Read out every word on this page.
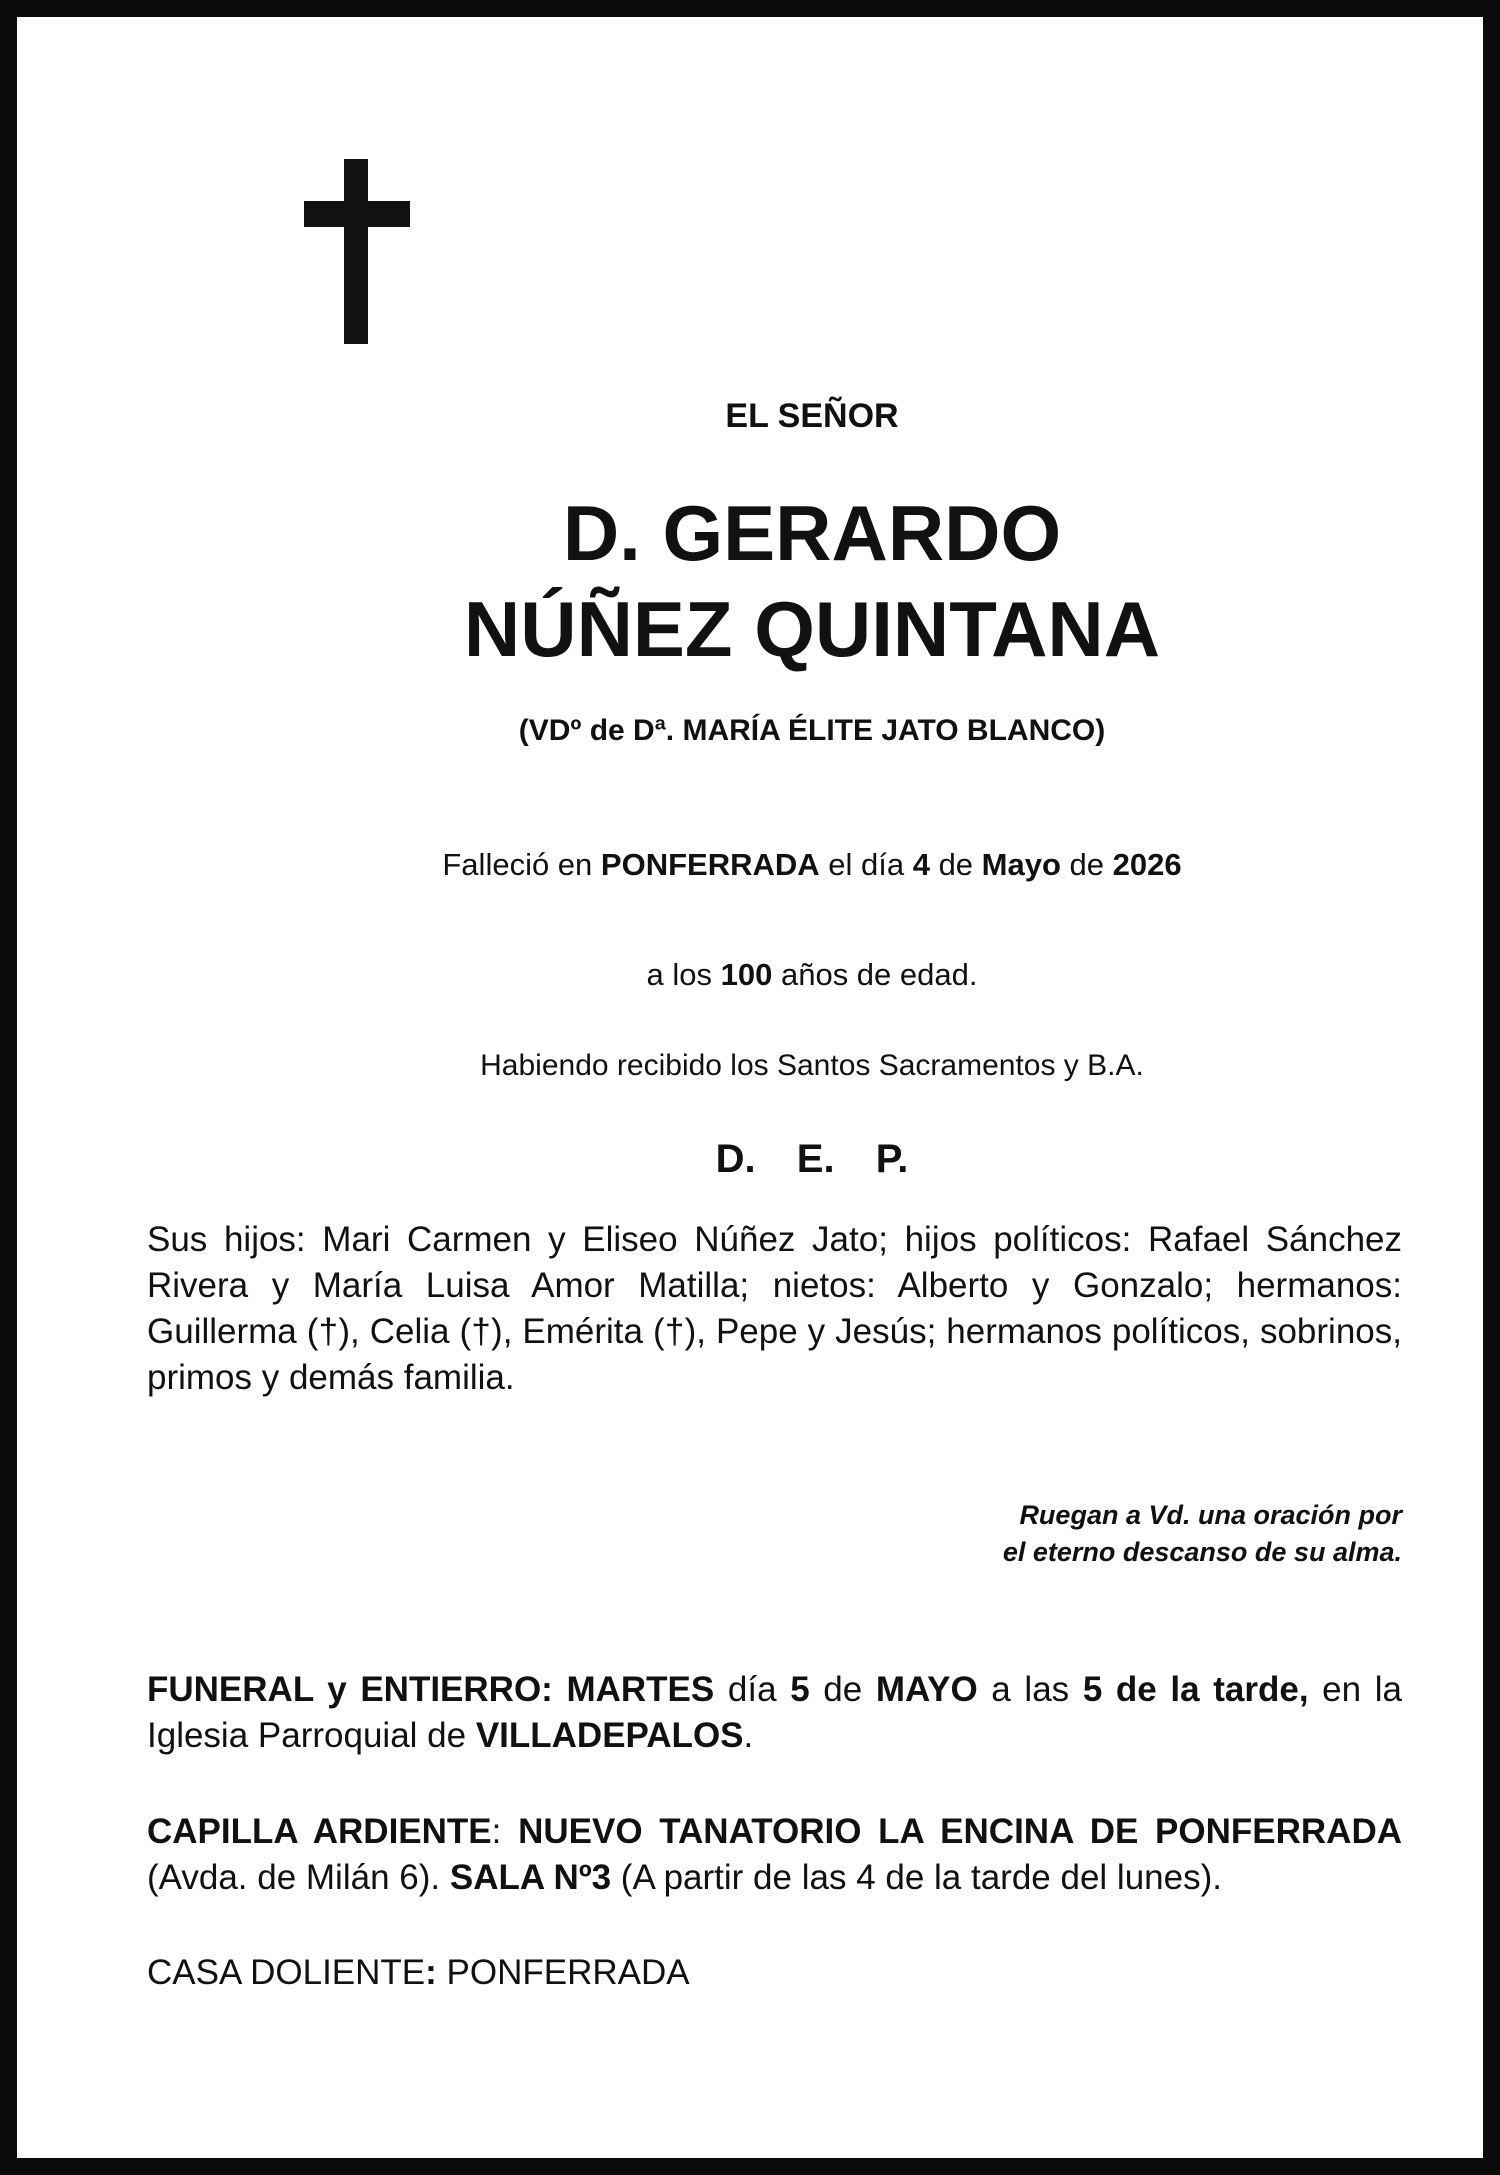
EL SEÑOR
D. GERARDO
NÚÑEZ QUINTANA
(VDº de Dª. MARÍA ÉLITE JATO BLANCO)
Falleció en PONFERRADA el día 4 de Mayo de 2026
a los 100 años de edad.
Habiendo recibido los Santos Sacramentos y B.A.
D. E. P.
Sus hijos: Mari Carmen y Eliseo Núñez Jato; hijos políticos: Rafael Sánchez Rivera y María Luisa Amor Matilla; nietos: Alberto y Gonzalo; hermanos: Guillerma (†), Celia (†), Emérita (†), Pepe y Jesús; hermanos políticos, sobrinos, primos y demás familia.
Ruegan a Vd. una oración por
el eterno descanso de su alma.
FUNERAL y ENTIERRO: MARTES día 5 de MAYO a las 5 de la tarde, en la Iglesia Parroquial de VILLADEPALOS.
CAPILLA ARDIENTE: NUEVO TANATORIO LA ENCINA DE PONFERRADA (Avda. de Milán 6). SALA Nº3 (A partir de las 4 de la tarde del lunes).
CASA DOLIENTE: PONFERRADA
